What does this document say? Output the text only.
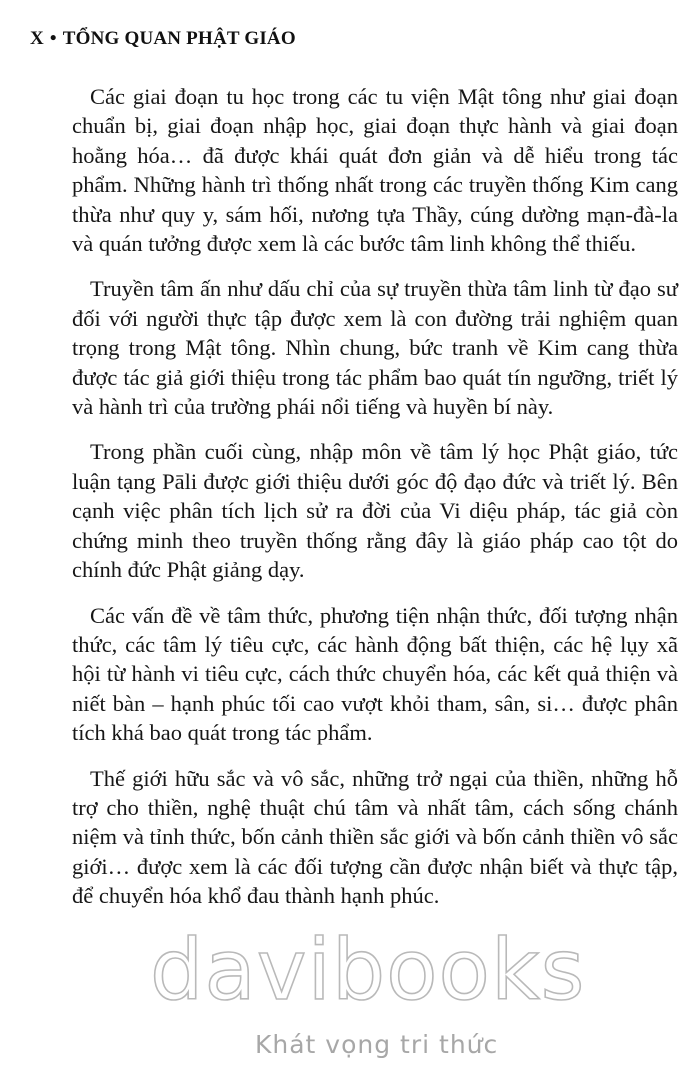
X • TỔNG QUAN PHẬT GIÁO

Các giai đoạn tu học trong các tu viện Mật tông như giai đoạn chuẩn bị, giai đoạn nhập học, giai đoạn thực hành và giai đoạn hoằng hóa… đã được khái quát đơn giản và dễ hiểu trong tác phẩm. Những hành trì thống nhất trong các truyền thống Kim cang thừa như quy y, sám hối, nương tựa Thầy, cúng dường mạn-đà-la và quán tưởng được xem là các bước tâm linh không thể thiếu.

Truyền tâm ấn như dấu chỉ của sự truyền thừa tâm linh từ đạo sư đối với người thực tập được xem là con đường trải nghiệm quan trọng trong Mật tông. Nhìn chung, bức tranh về Kim cang thừa được tác giả giới thiệu trong tác phẩm bao quát tín ngưỡng, triết lý và hành trì của trường phái nổi tiếng và huyền bí này.

Trong phần cuối cùng, nhập môn về tâm lý học Phật giáo, tức luận tạng Pāli được giới thiệu dưới góc độ đạo đức và triết lý. Bên cạnh việc phân tích lịch sử ra đời của Vi diệu pháp, tác giả còn chứng minh theo truyền thống rằng đây là giáo pháp cao tột do chính đức Phật giảng dạy.

Các vấn đề về tâm thức, phương tiện nhận thức, đối tượng nhận thức, các tâm lý tiêu cực, các hành động bất thiện, các hệ lụy xã hội từ hành vi tiêu cực, cách thức chuyển hóa, các kết quả thiện và niết bàn – hạnh phúc tối cao vượt khỏi tham, sân, si… được phân tích khá bao quát trong tác phẩm.

Thế giới hữu sắc và vô sắc, những trở ngại của thiền, những hỗ trợ cho thiền, nghệ thuật chú tâm và nhất tâm, cách sống chánh niệm và tỉnh thức, bốn cảnh thiền sắc giới và bốn cảnh thiền vô sắc giới… được xem là các đối tượng cần được nhận biết và thực tập, để chuyển hóa khổ đau thành hạnh phúc.

davibooks
Khát vọng tri thức
